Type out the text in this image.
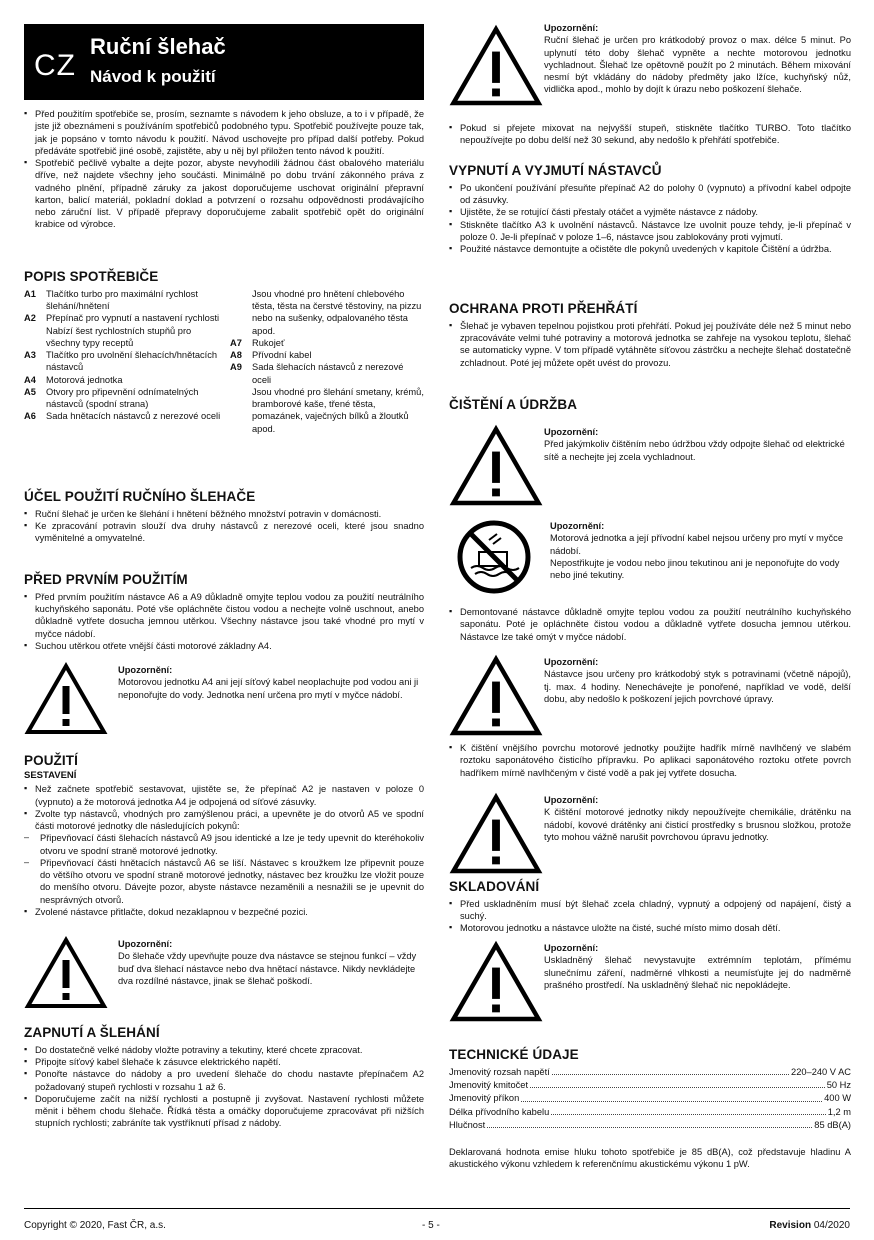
CZ
Ruční šlehač
Návod k použití
▪ Před použitím spotřebiče se, prosím, seznamte s návodem k jeho obsluze, a to i v případě, že jste již obeznámeni s používáním spotřebičů podobného typu. Spotřebič používejte pouze tak, jak je popsáno v tomto návodu k použití. Návod uschovejte pro případ další potřeby. Pokud předáváte spotřebič jiné osobě, zajistěte, aby u něj byl přiložen tento návod k použití.
▪ Spotřebič pečlivě vybalte a dejte pozor, abyste nevyhodili žádnou část obalového materiálu dříve, než najdete všechny jeho součásti. Minimálně po dobu trvání zákonného práva z vadného plnění, případně záruky za jakost doporučujeme uschovat originální přepravní karton, balicí materiál, pokladní doklad a potvrzení o rozsahu odpovědnosti prodávajícího nebo záruční list. V případě přepravy doporučujeme zabalit spotřebič opět do originální krabice od výrobce.
POPIS SPOTŘEBIČE
A1	Tlačítko turbo pro maximální rychlost šlehání/hnětení
A2	Přepínač pro vypnutí a nastavení rychlosti
Nabízí šest rychlostních stupňů pro všechny typy receptů
A3	Tlačítko pro uvolnění šlehacích/hnětacích nástavců
A4	Motorová jednotka
A5	Otvory pro připevnění odnímatelných nástavců (spodní strana)
A6	Sada hnětacích nástavců z nerezové oceli
Jsou vhodné pro hnětení chlebového těsta, těsta na čerstvé těstoviny, na pizzu nebo na sušenky, odpalovaného těsta apod.
A7	Rukojeť
A8	Přívodní kabel
A9	Sada šlehacích nástavců z nerezové oceli
Jsou vhodné pro šlehání smetany, krémů, bramborové kaše, třené těsta, pomazánek, vaječných bílků a žloutků apod.
ÚČEL POUŽITÍ RUČNÍHO ŠLEHAČE
▪ Ruční šlehač je určen ke šlehání i hnětení běžného množství potravin v domácnosti.
▪ Ke zpracování potravin slouží dva druhy nástavců z nerezové oceli, které jsou snadno vyměnitelné a omyvatelné.
PŘED PRVNÍM POUŽITÍM
▪ Před prvním použitím nástavce A6 a A9 důkladně omyjte teplou vodou za použití neutrálního kuchyňského saponátu. Poté vše opláchněte čistou vodou a nechejte volně uschnout, anebo důkladně vytřete dosucha jemnou utěrkou. Všechny nástavce jsou také vhodné pro mytí v myčce nádobí.
▪ Suchou utěrkou otřete vnější části motorové základny A4.
Upozornění:

Motorovou jednotku A4 ani její síťový kabel neoplachujte pod vodou ani ji neponořujte do vody. Jednotka není určena pro mytí v myčce nádobí.

POUŽITÍ
SESTAVENÍ
▪ Než začnete spotřebič sestavovat, ujistěte se, že přepínač A2 je nastaven v poloze 0 (vypnuto) a že motorová jednotka A4 je odpojená od síťové zásuvky.
▪ Zvolte typ nástavců, vhodných pro zamýšlenou práci, a upevněte je do otvorů A5 ve spodní části motorové jednotky dle následujících pokynů:
– Připevňovací části šlehacích nástavců A9 jsou identické a lze je tedy upevnit do kteréhokoliv otvoru ve spodní straně motorové jednotky.
– Připevňovací části hnětacích nástavců A6 se liší. Nástavec s kroužkem lze připevnit pouze do většího otvoru ve spodní straně motorové jednotky, nástavec bez kroužku lze vložit pouze do menšího otvoru. Dávejte pozor, abyste nástavce nezaměnili a nesnažili se je upevnit do nesprávných otvorů.
▪ Zvolené nástavce přitlačte, dokud nezaklapnou v bezpečné pozici.
Upozornění:

Do šlehače vždy upevňujte pouze dva nástavce se stejnou funkcí – vždy buď dva šlehací nástavce nebo dva hnětací nástavce. Nikdy nevkládejte dva rozdílné nástavce, jinak se šlehač poškodí.

ZAPNUTÍ A ŠLEHÁNÍ
▪ Do dostatečně velké nádoby vložte potraviny a tekutiny, které chcete zpracovat.
▪ Připojte síťový kabel šlehače k zásuvce elektrického napětí.
▪ Ponořte nástavce do nádoby a pro uvedení šlehače do chodu nastavte přepínačem A2 požadovaný stupeň rychlosti v rozsahu 1 až 6.
▪ Doporučujeme začít na nižší rychlosti a postupně ji zvyšovat. Nastavení rychlosti můžete měnit i během chodu šlehače. Řídká těsta a omáčky doporučujeme zpracovávat při nižších stupních rychlosti; zabráníte tak vystříknutí přísad z nádoby.
Upozornění:

Ruční šlehač je určen pro krátkodobý provoz o max. délce 5 minut. Po uplynutí této doby šlehač vypněte a nechte motorovou jednotku vychladnout. Šlehač lze opětovně použít po 2 minutách. Během mixování nesmí být vkládány do nádoby předměty jako lžíce, kuchyňský nůž, vidlička apod., mohlo by dojít k úrazu nebo poškození šlehače.

▪ Pokud si přejete mixovat na nejvyšší stupeň, stiskněte tlačítko TURBO. Toto tlačítko nepoužívejte po dobu delší než 30 sekund, aby nedošlo k přehřátí spotřebiče.
VYPNUTÍ A VYJMUTÍ NÁSTAVCŮ
▪ Po ukončení používání přesuňte přepínač A2 do polohy 0 (vypnuto) a přívodní kabel odpojte od zásuvky.
▪ Ujistěte, že se rotující části přestaly otáčet a vyjměte nástavce z nádoby.
▪ Stiskněte tlačítko A3 k uvolnění nástavců. Nástavce lze uvolnit pouze tehdy, je-li přepínač v poloze 0. Je-li přepínač v poloze 1–6, nástavce jsou zablokovány proti vyjmutí.
▪ Použité nástavce demontujte a očistěte dle pokynů uvedených v kapitole Čištění a údržba.
OCHRANA PROTI PŘEHŘÁTÍ
▪ Šlehač je vybaven tepelnou pojistkou proti přehřátí. Pokud jej používáte déle než 5 minut nebo zpracováváte velmi tuhé potraviny a motorová jednotka se zahřeje na vysokou teplotu, šlehač se automaticky vypne. V tom případě vytáhněte síťovou zástrčku a nechejte šlehač dostatečně zchladnout. Poté jej můžete opět uvést do provozu.
ČIŠTĚNÍ A ÚDRŽBA
Upozornění:

Před jakýmkoliv čištěním nebo údržbou vždy odpojte šlehač od elektrické sítě a nechejte jej zcela vychladnout.

Upozornění:

Motorová jednotka a její přívodní kabel nejsou určeny pro mytí v myčce nádobí.

Nepostřikujte je vodou nebo jinou tekutinou ani je neponořujte do vody nebo jiné tekutiny.

▪ Demontované nástavce důkladně omyjte teplou vodou za použití neutrálního kuchyňského saponátu. Poté je opláchněte čistou vodou a důkladně vytřete dosucha jemnou utěrkou. Nástavce lze také omýt v myčce nádobí.
Upozornění:

Nástavce jsou určeny pro krátkodobý styk s potravinami (včetně nápojů), tj. max. 4 hodiny. Nenechávejte je ponořené, například ve vodě, delší dobu, aby nedošlo k poškození jejich povrchové úpravy.

▪ K čištění vnějšího povrchu motorové jednotky použijte hadřík mírně navlhčený ve slabém roztoku saponátového čisticího přípravku. Po aplikaci saponátového roztoku otřete povrch hadříkem mírně navlhčeným v čisté vodě a pak jej vytřete dosucha.
Upozornění:

K čištění motorové jednotky nikdy nepoužívejte chemikálie, drátěnku na nádobí, kovové drátěnky ani čisticí prostředky s brusnou složkou, protože tyto mohou vážně narušit povrchovou úpravu jednotky.

SKLADOVÁNÍ
▪ Před uskladněním musí být šlehač zcela chladný, vypnutý a odpojený od napájení, čistý a suchý.
▪ Motorovou jednotku a nástavce uložte na čisté, suché místo mimo dosah dětí.
Upozornění:

Uskladněný šlehač nevystavujte extrémním teplotám, přímému slunečnímu záření, nadměrné vlhkosti a neumísťujte jej do nadměrně prašného prostředí. Na uskladněný šlehač nic nepokládejte.

TECHNICKÉ ÚDAJE
Jmenovitý rozsah napětí	220–240 V AC
Jmenovitý kmitočet	50 Hz
Jmenovitý příkon	400 W
Délka přívodního kabelu	1,2 m
Hlučnost	85 dB(A)

Deklarovaná hodnota emise hluku tohoto spotřebiče je 85 dB(A), což představuje hladinu A akustického výkonu vzhledem k referenčnímu akustickému výkonu 1 pW.

Copyright © 2020, Fast ČR, a.s.	- 5 -	Revision 04/2020
